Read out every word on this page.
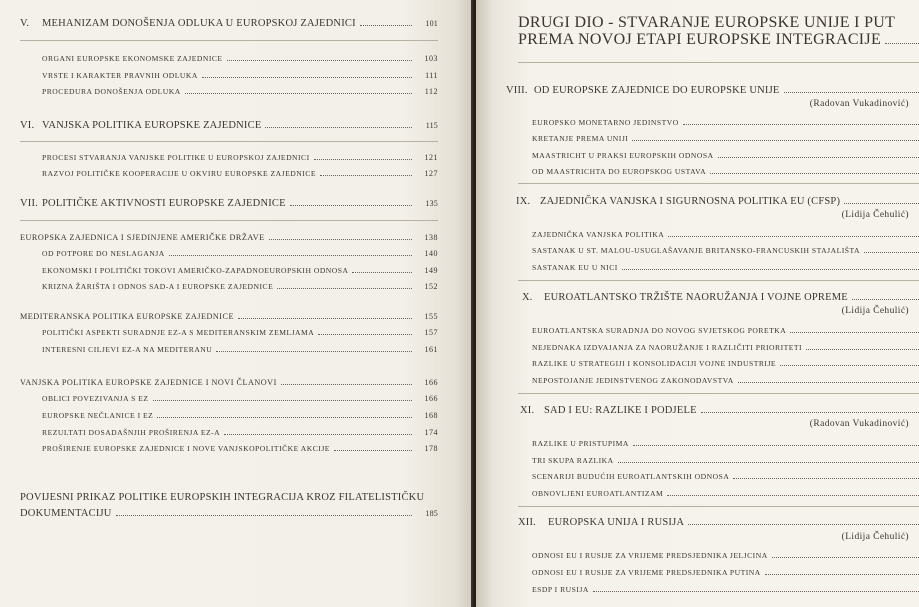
V.	MEHANIZAM DONOŠENJA ODLUKA U EUROPSKOJ ZAJEDNICI	101
ORGANI EUROPSKE EKONOMSKE ZAJEDNICE	103
VRSTE I KARAKTER PRAVNIH ODLUKA	111
PROCEDURA DONOŠENJA ODLUKA	112
VI. VANJSKA POLITIKA EUROPSKE ZAJEDNICE	115
PROCESI STVARANJA VANJSKE POLITIKE U EUROPSKOJ ZAJEDNICI	121
RAZVOJ POLITIČKE KOOPERACIJE U OKVIRU EUROPSKE ZAJEDNICE	127
VII. POLITIČKE AKTIVNOSTI EUROPSKE ZAJEDNICE	135
EUROPSKA ZAJEDNICA I SJEDINJENE AMERIČKE DRŽAVE	138
OD POTPORE DO NESLAGANJA	140
EKONOMSKI I POLITIČKI TOKOVI AMERIČKO-ZAPADNOEUROPSKIH ODNOSA	149
KRIZNA ŽARIŠTA I ODNOS SAD-A I EUROPSKE ZAJEDNICE	152
MEDITERANSKA POLITIKA EUROPSKE ZAJEDNICE	155
POLITIČKI ASPEKTI SURADNJE EZ-A S MEDITERANSKIM ZEMLJAMA	157
INTERESNI CILJEVI EZ-A NA MEDITERANU	161
VANJSKA POLITIKA EUROPSKE ZAJEDNICE I NOVI ČLANOVI	166
OBLICI POVEZIVANJA S EZ	166
EUROPSKE NEČLANICE I EZ	168
REZULTATI DOSADAŠNJIH PROŠIRENJA EZ-A	174
PROŠIRENJE EUROPSKE ZAJEDNICE I NOVE VANJSKOPOLITIČKE AKCIJE	178
POVIJESNI PRIKAZ POLITIKE EUROPSKIH INTEGRACIJA KROZ FILATELISTIČKU
DOKUMENTACIJU	185
DRUGI DIO - STVARANJE EUROPSKE UNIJE I PUT
PREMA NOVOJ ETAPI EUROPSKE INTEGRACIJE
VIII. OD EUROPSKE ZAJEDNICE DO EUROPSKE UNIJE
(Radovan Vukadinović)
EUROPSKO MONETARNO JEDINSTVO
KRETANJE PREMA UNIJI
MAASTRICHT U PRAKSI EUROPSKIH ODNOSA
OD MAASTRICHTA DO EUROPSKOG USTAVA
IX. ZAJEDNIČKA VANJSKA I SIGURNOSNA POLITIKA EU (CFSP)
(Lidija Čehulić)
ZAJEDNIČKA VANJSKA POLITIKA
SASTANAK U ST. MALOU-USUGLAŠAVANJE BRITANSKO-FRANCUSKIH STAJALIŠTA
SASTANAK EU U NICI
X.	EUROATLANTSKO TRŽIŠTE NAORUŽANJA I VOJNE OPREME
(Lidija Čehulić)
EUROATLANTSKA SURADNJA DO NOVOG SVJETSKOG PORETKA
NEJEDNAKA IZDVAJANJA ZA NAORUŽANJE I RAZLIČITI PRIORITETI
RAZLIKE U STRATEGIJI I KONSOLIDACIJI VOJNE INDUSTRIJE
NEPOSTOJANJE JEDINSTVENOG ZAKONODAVSTVA
XI. SAD I EU: RAZLIKE I PODJELE
(Radovan Vukadinović)
RAZLIKE U PRISTUPIMA
TRI SKUPA RAZLIKA
SCENARIJI BUDUĆIH EUROATLANTSKIH ODNOSA
OBNOVLJENI EUROATLANTIZAM
XII.	EUROPSKA UNIJA I RUSIJA
(Lidija Čehulić)
ODNOSI EU I RUSIJE ZA VRIJEME PREDSJEDNIKA JELJCINA
ODNOSI EU I RUSIJE ZA VRIJEME PREDSJEDNIKA PUTINA
ESDP I RUSIJA
